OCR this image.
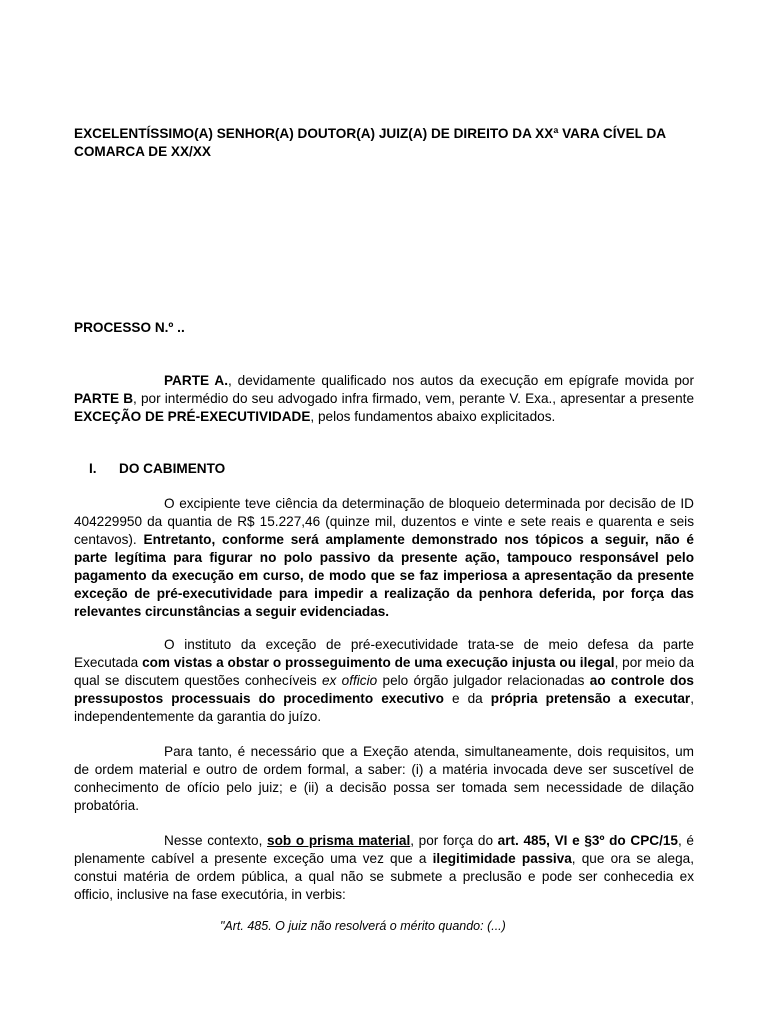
EXCELENTÍSSIMO(A) SENHOR(A) DOUTOR(A) JUIZ(A) DE DIREITO DA XXª VARA CÍVEL DA
COMARCA DE XX/XX
PROCESSO N.º ..
PARTE A., devidamente qualificado nos autos da execução em epígrafe movida por PARTE B, por intermédio do seu advogado infra firmado, vem, perante V. Exa., apresentar a presente EXCEÇÃO DE PRÉ-EXECUTIVIDADE, pelos fundamentos abaixo explicitados.
I. DO CABIMENTO
O excipiente teve ciência da determinação de bloqueio determinada por decisão de ID 404229950 da quantia de R$ 15.227,46 (quinze mil, duzentos e vinte e sete reais e quarenta e seis centavos). Entretanto, conforme será amplamente demonstrado nos tópicos a seguir, não é parte legítima para figurar no polo passivo da presente ação, tampouco responsável pelo pagamento da execução em curso, de modo que se faz imperiosa a apresentação da presente exceção de pré-executividade para impedir a realização da penhora deferida, por força das relevantes circunstâncias a seguir evidenciadas.
O instituto da exceção de pré-executividade trata-se de meio defesa da parte Executada com vistas a obstar o prosseguimento de uma execução injusta ou ilegal, por meio da qual se discutem questões conhecíveis ex officio pelo órgão julgador relacionadas ao controle dos pressupostos processuais do procedimento executivo e da própria pretensão a executar, independentemente da garantia do juízo.
Para tanto, é necessário que a Exeção atenda, simultaneamente, dois requisitos, um de ordem material e outro de ordem formal, a saber: (i) a matéria invocada deve ser suscetível de conhecimento de ofício pelo juiz; e (ii) a decisão possa ser tomada sem necessidade de dilação probatória.
Nesse contexto, sob o prisma material, por força do art. 485, VI e §3º do CPC/15, é plenamente cabível a presente exceção uma vez que a ilegitimidade passiva, que ora se alega, constui matéria de ordem pública, a qual não se submete a preclusão e pode ser conhecedia ex officio, inclusive na fase executória, in verbis:
"Art. 485. O juiz não resolverá o mérito quando: (...)
